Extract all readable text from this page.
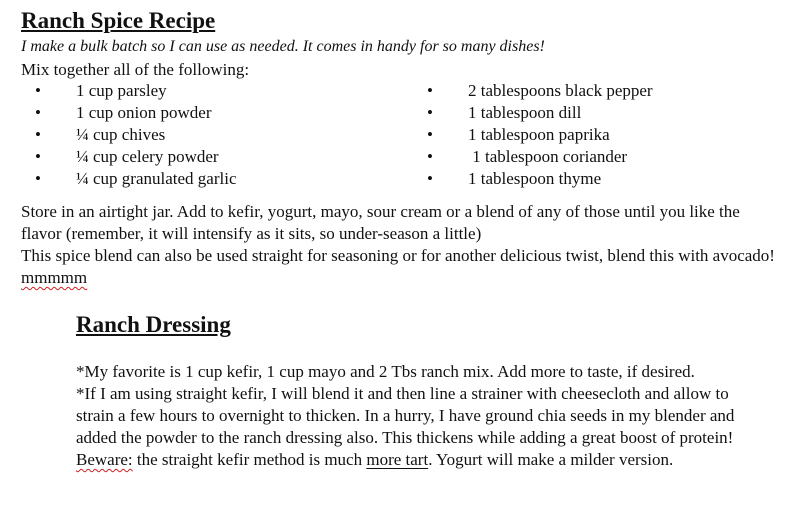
Ranch Spice Recipe
I make a bulk batch so I can use as needed. It comes in handy for so many dishes!
Mix together all of the following:
• 1 cup parsley
• 1 cup onion powder
• ¼ cup chives
• ¼ cup celery powder
• ¼ cup granulated garlic
• 2 tablespoons black pepper
• 1 tablespoon dill
• 1 tablespoon paprika
• 1 tablespoon coriander
• 1 tablespoon thyme

Store in an airtight jar. Add to kefir, yogurt, mayo, sour cream or a blend of any of those until you like the flavor (remember, it will intensify as it sits, so under-season a little)

This spice blend can also be used straight for seasoning or for another delicious twist, blend this with avocado! mmmmm

Ranch Dressing

*My favorite is 1 cup kefir, 1 cup mayo and 2 Tbs ranch mix. Add more to taste, if desired.
*If I am using straight kefir, I will blend it and then line a strainer with cheesecloth and allow to strain a few hours to overnight to thicken. In a hurry, I have ground chia seeds in my blender and added the powder to the ranch dressing also. This thickens while adding a great boost of protein! Beware: the straight kefir method is much more tart. Yogurt will make a milder version.
